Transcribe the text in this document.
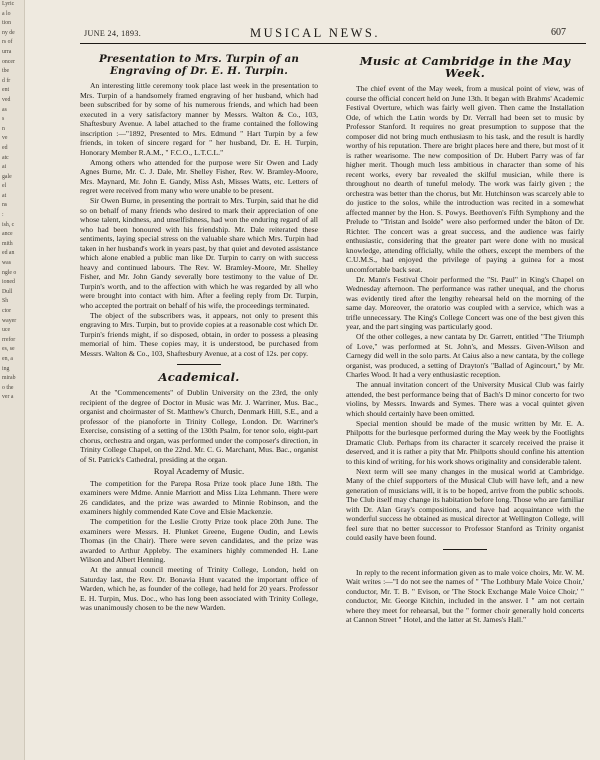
Lyric

a lo

tion

ny de

rs of

urra

oncer

tbe

d fr

ent

ved

as

s

n

ve

ed

atc

ai

gale

el

at

ns

:

ish, c

ance

mith

ed an

was

ngle o

ioned

Dull

Sh

ctor

wayer

uce

rrefor

es, se

en, a

ing

mirab

o the

ver a

JUNE 24, 1893.	MUSICAL NEWS.	607
Presentation to Mrs. Turpin of an Engraving of Dr. E. H. Turpin.

An interesting little ceremony took place last week in the presentation to Mrs. Turpin of a handsomely framed engraving of her husband, which had been subscribed for by some of his numerous friends, and which had been executed in a very satisfactory manner by Messrs. Walton & Co., 103, Shaftesbury Avenue. A label attached to the frame contained the following inscription :—"1892, Presented to Mrs. Edmund " Hart Turpin by a few friends, in token of sincere regard for " her husband, Dr. E. H. Turpin, Honorary Member R.A.M., " F.C.O., L.T.C.L."

Among others who attended for the purpose were Sir Owen and Lady Agnes Burne, Mr. C. J. Dale, Mr. Shelley Fisher, Rev. W. Bramley-Moore, Mrs. Maynard, Mr. John E. Gandy, Miss Ash, Misses Watts, etc. Letters of regret were received from many who were unable to be present.

Sir Owen Burne, in presenting the portrait to Mrs. Turpin, said that he did so on behalf of many friends who desired to mark their appreciation of one whose talent, kindness, and unselfishness, had won the enduring regard of all who had been honoured with his friendship. Mr. Dale reiterated these sentiments, laying special stress on the valuable share which Mrs. Turpin had taken in her husband's work in years past, by that quiet and devoted assistance which alone enabled a public man like Dr. Turpin to carry on with success heavy and continued labours. The Rev. W. Bramley-Moore, Mr. Shelley Fisher, and Mr. John Gandy severally bore testimony to the value of Dr. Turpin's worth, and to the affection with which he was regarded by all who were brought into contact with him. After a feeling reply from Dr. Turpin, who accepted the portrait on behalf of his wife, the proceedings terminated.

The object of the subscribers was, it appears, not only to present this engraving to Mrs. Turpin, but to provide copies at a reasonable cost which Dr. Turpin's friends might, if so disposed, obtain, in order to possess a pleasing memorial of him. These copies may, it is understood, be purchased from Messrs. Walton & Co., 103, Shaftesbury Avenue, at a cost of 12s. per copy.

Academical.

At the "Commencements" of Dublin University on the 23rd, the only recipient of the degree of Doctor in Music was Mr. J. Warriner, Mus. Bac., organist and choirmaster of St. Matthew's Church, Denmark Hill, S.E., and a professor of the pianoforte in Trinity College, London. Dr. Warriner's Exercise, consisting of a setting of the 130th Psalm, for tenor solo, eight-part chorus, orchestra and organ, was performed under the composer's direction, in Trinity College Chapel, on the 22nd. Mr. C. G. Marchant, Mus. Bac., organist of St. Patrick's Cathedral, presiding at the organ.

Royal Academy of Music.

The competition for the Parepa Rosa Prize took place June 18th. The examiners were Mdme. Annie Marriott and Miss Liza Lehmann. There were 26 candidates, and the prize was awarded to Minnie Robinson, and the examiners highly commended Kate Cove and Elsie Mackenzie.

The competition for the Leslie Crotty Prize took place 20th June. The examiners were Messrs. H. Plunket Greene, Eugene Oudin, and Lewis Thomas (in the Chair). There were seven candidates, and the prize was awarded to Arthur Appleby. The examiners highly commended H. Lane Wilson and Albert Henning.

At the annual council meeting of Trinity College, London, held on Saturday last, the Rev. Dr. Bonavia Hunt vacated the important office of Warden, which he, as founder of the college, had held for 20 years. Professor E. H. Turpin, Mus. Doc., who has long been associated with Trinity College, was unanimously chosen to be the new Warden.

Music at Cambridge in the May Week.

The chief event of the May week, from a musical point of view, was of course the official concert held on June 13th. It began with Brahms' Academic Festival Overture, which was fairly well given. Then came the Installation Ode, of which the Latin words by Dr. Verrall had been set to music by Professor Stanford. It requires no great presumption to suppose that the composer did not bring much enthusiasm to his task, and the result is hardly worthy of his reputation. There are bright places here and there, but most of it is rather wearisome. The new composition of Dr. Hubert Parry was of far higher merit. Though much less ambitious in character than some of his recent works, every bar revealed the skilful musician, while there is throughout no dearth of tuneful melody. The work was fairly given ; the orchestra was better than the chorus, but Mr. Hutchinson was scarcely able to do justice to the solos, while the introduction was recited in a somewhat affected manner by the Hon. S. Powys. Beethoven's Fifth Symphony and the Prelude to "Tristan and Isolde" were also performed under the bâton of Dr. Richter. The concert was a great success, and the audience was fairly enthusiastic, considering that the greater part were done with no musical knowledge, attending officially, while the others, except the members of the C.U.M.S., had enjoyed the privilege of paying a guinea for a most uncomfortable back seat.

Dr. Mann's Festival Choir performed the "St. Paul" in King's Chapel on Wednesday afternoon. The performance was rather unequal, and the chorus was evidently tired after the lengthy rehearsal held on the morning of the same day. Moreover, the oratorio was coupled with a service, which was a trifle unnecessary. The King's College Concert was one of the best given this year, and the part singing was particularly good.

Of the other colleges, a new cantata by Dr. Garrett, entitled "The Triumph of Love," was performed at St. John's, and Messrs. Given-Wilson and Carnegy did well in the solo parts. At Caius also a new cantata, by the college organist, was produced, a setting of Drayton's "Ballad of Agincourt," by Mr. Charles Wood. It had a very enthusiastic reception.

The annual invitation concert of the University Musical Club was fairly attended, the best performance being that of Bach's D minor concerto for two violins, by Messrs. Inwards and Symes. There was a vocal quintet given which should certainly have been omitted.

Special mention should be made of the music written by Mr. E. A. Philpotts for the burlesque performed during the May week by the Footlights Dramatic Club. Perhaps from its character it scarcely received the praise it deserved, and it is rather a pity that Mr. Philpotts should confine his attention to this kind of writing, for his work shows originality and considerable talent.

Next term will see many changes in the musical world at Cambridge. Many of the chief supporters of the Musical Club will have left, and a new generation of musicians will, it is to be hoped, arrive from the public schools. The Club itself may change its habitation before long. Those who are familiar with Dr. Alan Gray's compositions, and have had acquaintance with the wonderful success he obtained as musical director at Wellington College, will feel sure that no better successor to Professor Stanford as Trinity organist could easily have been found.

In reply to the recent information given as to male voice choirs, Mr. W. M. Wait writes :—"I do not see the names of " 'The Lothbury Male Voice Choir,' conductor, Mr. T. B. " Evison, or 'The Stock Exchange Male Voice Choir,' " conductor, Mr. George Kitchin, included in the answer. I " am not certain where they meet for rehearsal, but the " former choir generally hold concerts at Cannon Street " Hotel, and the latter at St. James's Hall."
